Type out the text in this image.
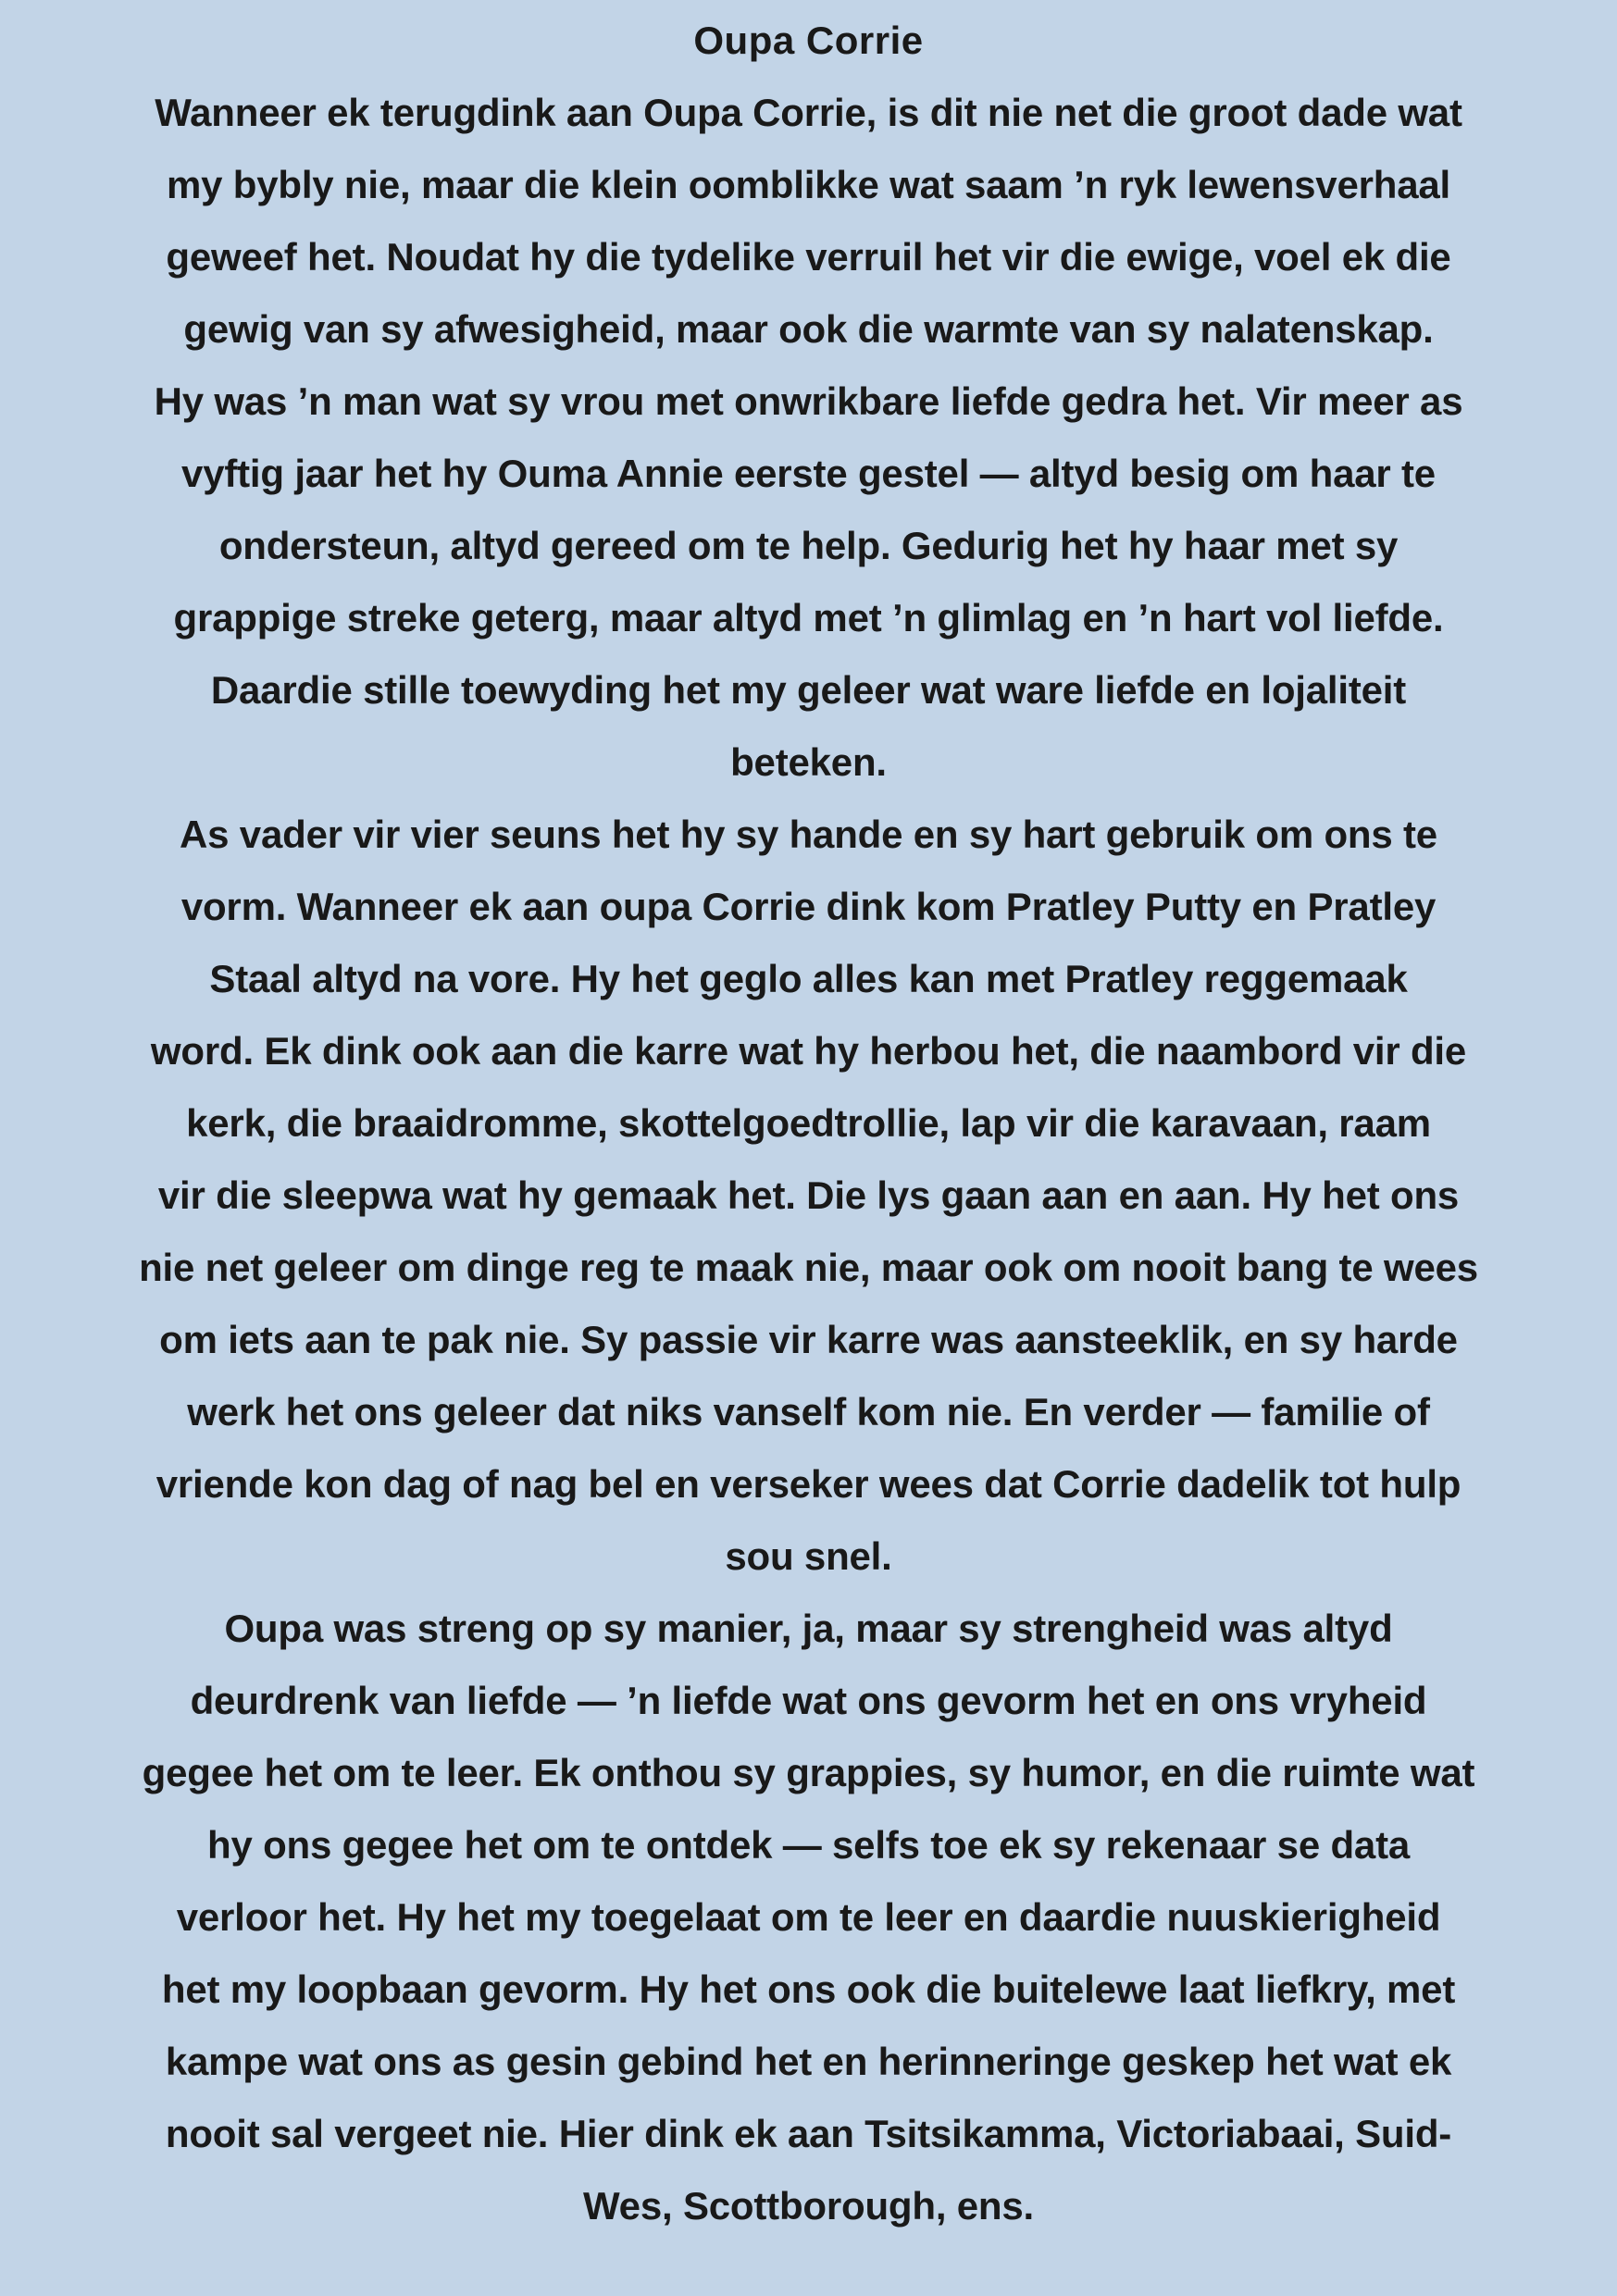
Oupa Corrie
Wanneer ek terugdink aan Oupa Corrie, is dit nie net die groot dade wat
my bybly nie, maar die klein oomblikke wat saam ’n ryk lewensverhaal
geweef het. Noudat hy die tydelike verruil het vir die ewige, voel ek die
gewig van sy afwesigheid, maar ook die warmte van sy nalatenskap.
Hy was ’n man wat sy vrou met onwrikbare liefde gedra het. Vir meer as
vyftig jaar het hy Ouma Annie eerste gestel — altyd besig om haar te
ondersteun, altyd gereed om te help. Gedurig het hy haar met sy
grappige streke geterg, maar altyd met ’n glimlag en ’n hart vol liefde.
Daardie stille toewyding het my geleer wat ware liefde en lojaliteit
beteken.
As vader vir vier seuns het hy sy hande en sy hart gebruik om ons te
vorm. Wanneer ek aan oupa Corrie dink kom Pratley Putty en Pratley
Staal altyd na vore. Hy het geglo alles kan met Pratley reggemaak
word. Ek dink ook aan die karre wat hy herbou het, die naambord vir die
kerk, die braaidromme, skottelgoedtrollie, lap vir die karavaan, raam
vir die sleepwa wat hy gemaak het. Die lys gaan aan en aan. Hy het ons
nie net geleer om dinge reg te maak nie, maar ook om nooit bang te wees
om iets aan te pak nie. Sy passie vir karre was aansteeklik, en sy harde
werk het ons geleer dat niks vanself kom nie. En verder — familie of
vriende kon dag of nag bel en verseker wees dat Corrie dadelik tot hulp
sou snel.
Oupa was streng op sy manier, ja, maar sy strengheid was altyd
deurdrenk van liefde — ’n liefde wat ons gevorm het en ons vryheid
gegee het om te leer. Ek onthou sy grappies, sy humor, en die ruimte wat
hy ons gegee het om te ontdek — selfs toe ek sy rekenaar se data
verloor het. Hy het my toegelaat om te leer en daardie nuuskierigheid
het my loopbaan gevorm. Hy het ons ook die buitelewe laat liefkry, met
kampe wat ons as gesin gebind het en herinneringe geskep het wat ek
nooit sal vergeet nie. Hier dink ek aan Tsitsikamma, Victoriabaai, Suid-
Wes, Scottborough, ens.
